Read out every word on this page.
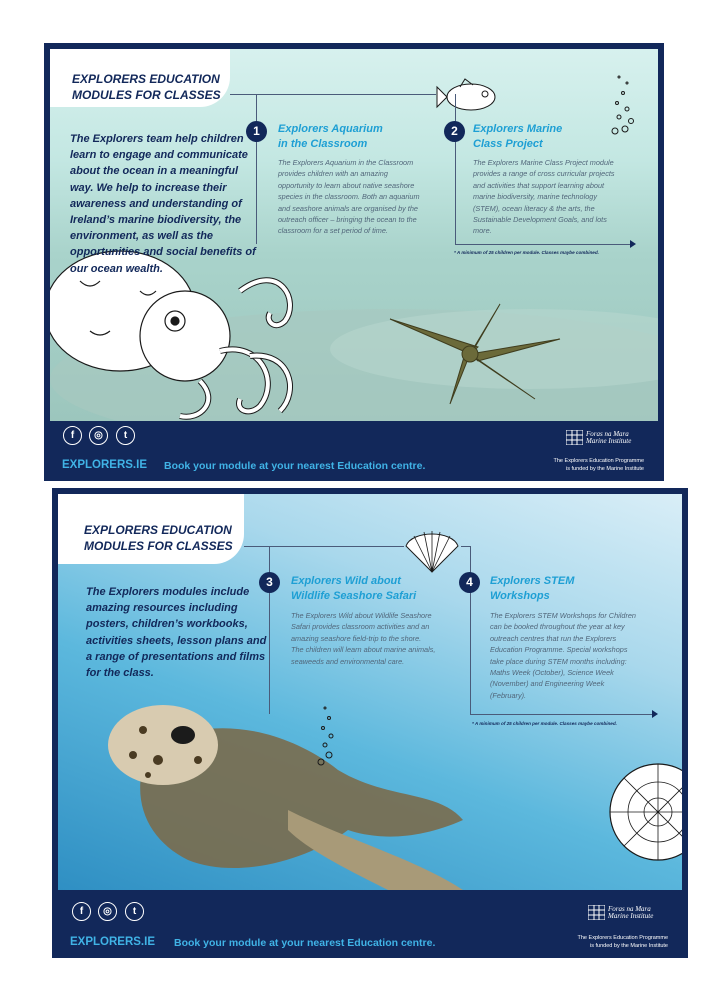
EXPLORERS EDUCATION
MODULES FOR CLASSES
The Explorers team help children
learn to engage and communicate
about the ocean in a meaningful
way. We help to increase their
awareness and understanding of
Ireland’s marine biodiversity, the
environment, as well as the
opportunities and social benefits of
our ocean wealth.
1	Explorers Aquarium
in the Classroom
The Explorers Aquarium in the Classroom
provides children with an amazing
opportunity to learn about native seashore
species in the classroom. Both an aquarium
and seashore animals are organised by the
outreach officer – bringing the ocean to the
classroom for a set period of time.
2	Explorers Marine
Class Project
The Explorers Marine Class Project module
provides a range of cross curricular projects
and activities that support learning about
marine biodiversity, marine technology
(STEM), ocean literacy & the arts, the
Sustainable Development Goals, and lots
more.
* A minimum of 25 children per module. Classes maybe combined.
f	◎	t
EXPLORERS.IE Book your module at your nearest Education centre.
Foras na Mara
Marine Institute
The Explorers Education Programme
is funded by the Marine Institute
EXPLORERS EDUCATION
MODULES FOR CLASSES
The Explorers modules include
amazing resources including
posters, children’s workbooks,
activities sheets, lesson plans and
a range of presentations and films
for the class.
3	Explorers Wild about
Wildlife Seashore Safari
The Explorers Wild about Wildlife Seashore
Safari provides classroom activities and an
amazing seashore field-trip to the shore.
The children will learn about marine animals,
seaweeds and environmental care.
4	Explorers STEM
Workshops
The Explorers STEM Workshops for Children
can be booked throughout the year at key
outreach centres that run the Explorers
Education Programme. Special workshops
take place during STEM months including:
Maths Week (October), Science Week
(November) and Engineering Week
(February).
* A minimum of 25 children per module. Classes maybe combined.
f	◎	t
EXPLORERS.IE Book your module at your nearest Education centre.
Foras na Mara
Marine Institute
The Explorers Education Programme
is funded by the Marine Institute
